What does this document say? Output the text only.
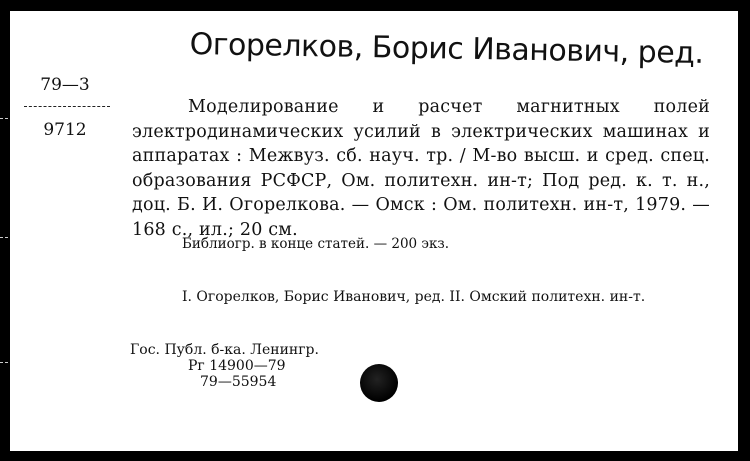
Огорелков, Борис Иванович, ред.
79—3
9712
Моделирование и расчет магнитных полей электродинамических усилий в электрических машинах и аппаратах : Межвуз. сб. науч. тр. / М-во высш. и сред. спец. образования РСФСР, Ом. политехн. ин-т; Под ред. к. т. н., доц. Б. И. Огорелкова. — Омск : Ом. политехн. ин-т, 1979. — 168 с., ил.; 20 см.
Библиогр. в конце статей. — 200 экз.
I. Огорелков, Борис Иванович, ред. II. Омский политехн. ин-т.
Гос. Публ. б-ка. Ленингр.
Рг 14900—79
79—55954
